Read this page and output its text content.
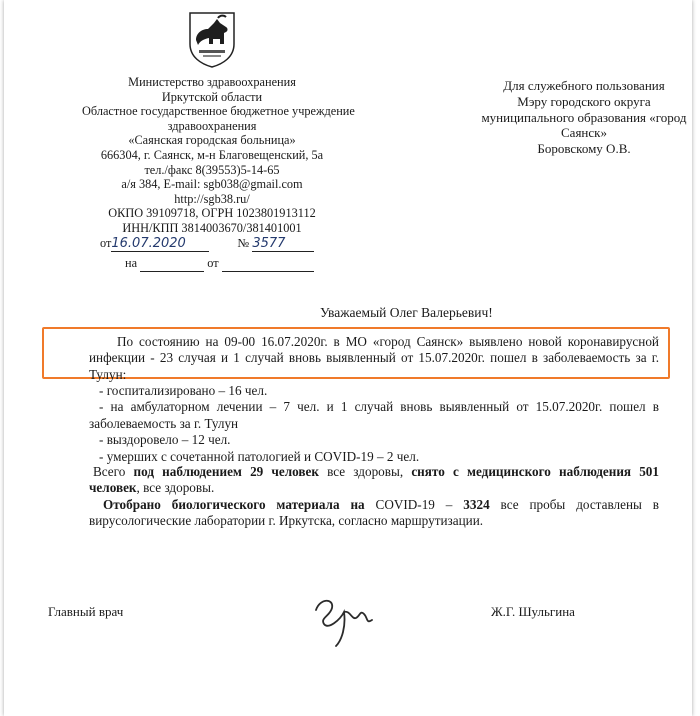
Министерство здравоохранения
Иркутской области
Областное государственное бюджетное учреждение
здравоохранения
«Саянская городская больница»
666304, г. Саянск, м-н Благовещенский, 5а
тел./факс 8(39553)5-14-65
а/я 384, E-mail: sgb038@gmail.com
http://sgb38.ru/
ОКПО 39109718, ОГРН 1023801913112
ИНН/КПП 3814003670/381401001
от16.07.2020	№ 3577
на	от
Для служебного пользования
Мэру городского округа
муниципального образования «город
Саянск»
Боровскому О.В.
Уважаемый Олег Валерьевич!

По состоянию на 09-00 16.07.2020г. в МО «город Саянск» выявлено новой коронавирусной инфекции - 23 случая и 1 случай вновь выявленный от 15.07.2020г. пошел в заболеваемость за г. Тулун:

- госпитализировано – 16 чел.

- на амбулаторном лечении – 7 чел. и 1 случай вновь выявленный от 15.07.2020г. пошел в заболеваемость за г. Тулун

- выздоровело – 12 чел.

- умерших с сочетанной патологией и COVID-19 – 2 чел.

Всего под наблюдением 29 человек все здоровы, снято с медицинского наблюдения 501 человек, все здоровы.

Отобрано биологического материала на COVID-19 – 3324 все пробы доставлены в вирусологические лаборатории г. Иркутска, согласно маршрутизации.

Главный врач	Ж.Г. Шульгина
